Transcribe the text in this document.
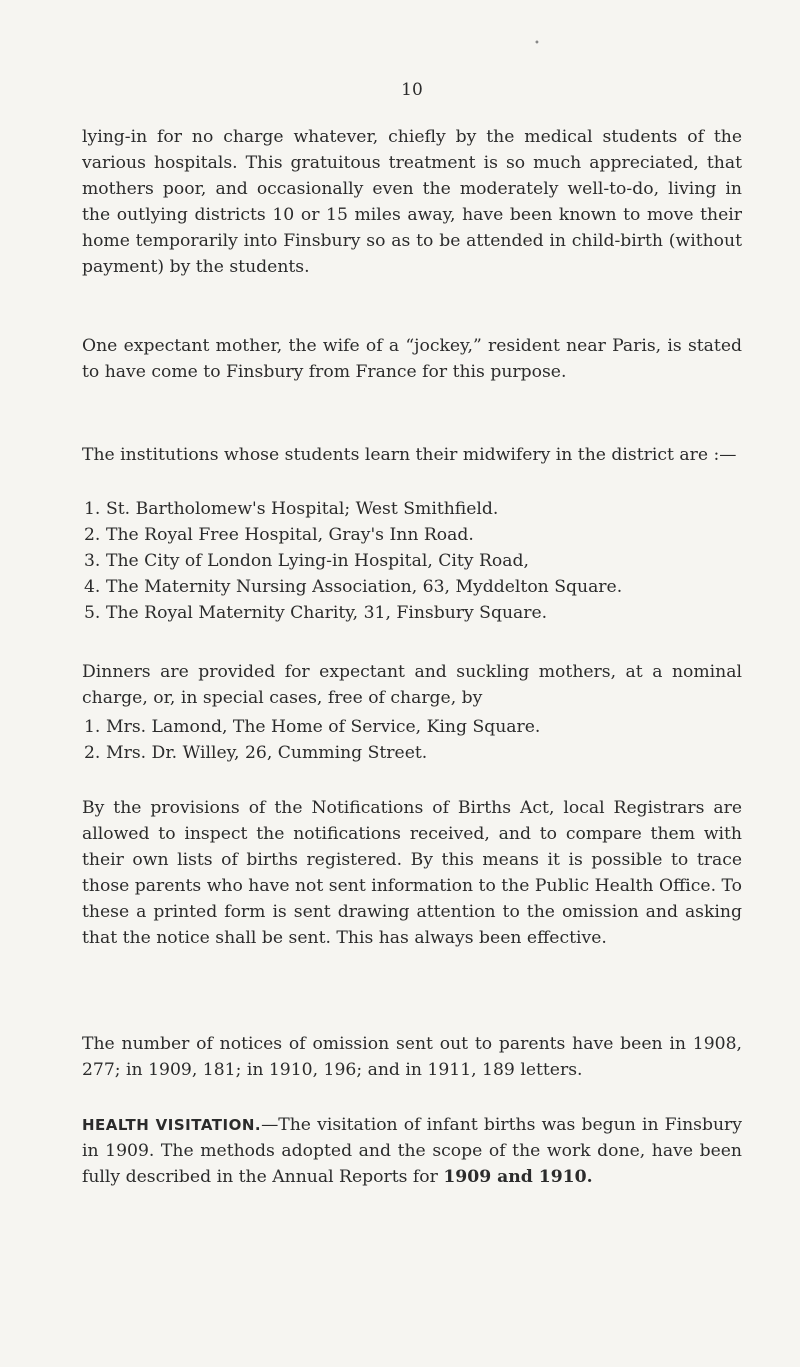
10

lying-in for no charge whatever, chiefly by the medical students of the various hospitals. This gratuitous treatment is so much appreciated, that mothers poor, and occasionally even the moderately well-to-do, living in the outlying districts 10 or 15 miles away, have been known to move their home temporarily into Finsbury so as to be attended in child-birth (without payment) by the students.

One expectant mother, the wife of a “jockey,” resident near Paris, is stated to have come to Finsbury from France for this purpose.

The institutions whose students learn their midwifery in the district are :—

1. St. Bartholomew's Hospital; West Smithfield.
2. The Royal Free Hospital, Gray's Inn Road.
3. The City of London Lying-in Hospital, City Road,
4. The Maternity Nursing Association, 63, Myddelton Square.
5. The Royal Maternity Charity, 31, Finsbury Square.

Dinners are provided for expectant and suckling mothers, at a nominal charge, or, in special cases, free of charge, by

1. Mrs. Lamond, The Home of Service, King Square.
2. Mrs. Dr. Willey, 26, Cumming Street.

By the provisions of the Notifications of Births Act, local Registrars are allowed to inspect the notifications received, and to compare them with their own lists of births registered. By this means it is possible to trace those parents who have not sent information to the Public Health Office. To these a printed form is sent drawing attention to the omission and asking that the notice shall be sent. This has always been effective.

The number of notices of omission sent out to parents have been in 1908, 277; in 1909, 181; in 1910, 196; and in 1911, 189 letters.

HEALTH VISITATION.—The visitation of infant births was begun in Finsbury in 1909. The methods adopted and the scope of the work done, have been fully described in the Annual Reports for 1909 and 1910.

•
